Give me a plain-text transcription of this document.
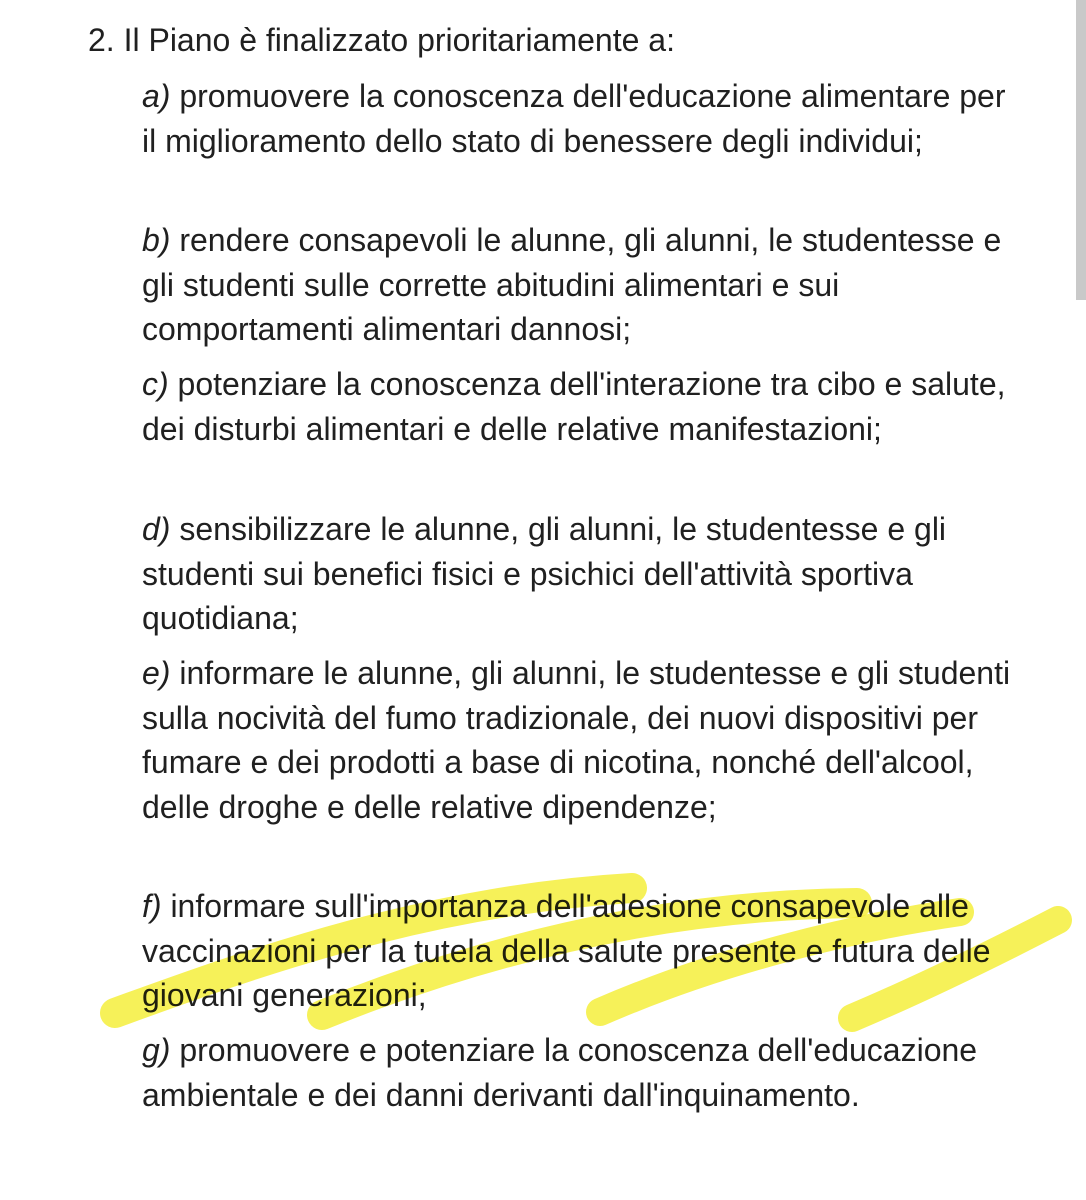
2. Il Piano è finalizzato prioritariamente a:
a) promuovere la conoscenza dell'educazione alimentare per il miglioramento dello stato di benessere degli individui;
b) rendere consapevoli le alunne, gli alunni, le studentesse e gli studenti sulle corrette abitudini alimentari e sui comportamenti alimentari dannosi;
c) potenziare la conoscenza dell'interazione tra cibo e salute, dei disturbi alimentari e delle relative manifestazioni;
d) sensibilizzare le alunne, gli alunni, le studentesse e gli studenti sui benefici fisici e psichici dell'attività sportiva quotidiana;
e) informare le alunne, gli alunni, le studentesse e gli studenti sulla nocività del fumo tradizionale, dei nuovi dispositivi per fumare e dei prodotti a base di nicotina, nonché dell'alcool, delle droghe e delle relative dipendenze;
f) informare sull'importanza dell'adesione consapevole alle vaccinazioni per la tutela della salute presente e futura delle giovani generazioni;
g) promuovere e potenziare la conoscenza dell'educazione ambientale e dei danni derivanti dall'inquinamento.
